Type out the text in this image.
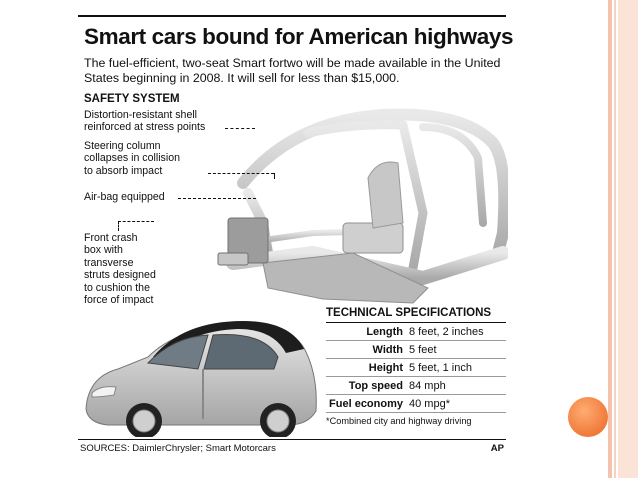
Smart cars bound for American highways
The fuel-efficient, two-seat Smart fortwo will be made available in the United States beginning in 2008. It will sell for less than $15,000.
SAFETY SYSTEM
Distortion-resistant shell
reinforced at stress points
Steering column
collapses in collision
to absorb impact
Air-bag equipped
Front crash
box with
transverse
struts designed
to cushion the
force of impact
TECHNICAL SPECIFICATIONS
Length 8 feet, 2 inches
Width 5 feet
Height 5 feet, 1 inch
Top speed 84 mph
Fuel economy 40 mpg*
*Combined city and highway driving
SOURCES: DaimlerChrysler; Smart Motorcars	AP
